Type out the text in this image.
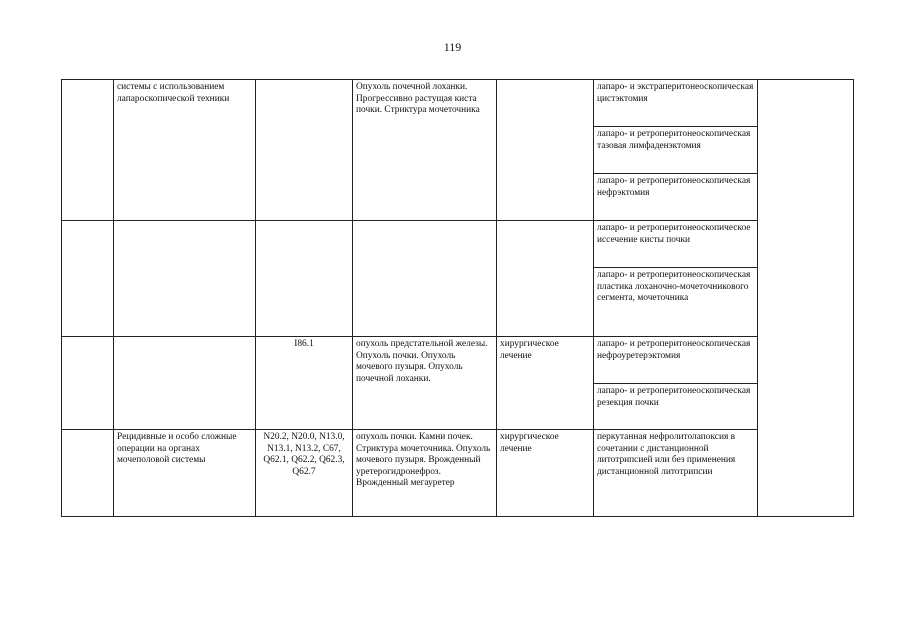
119
	системы с использованием лапароскопической техники		Опухоль почечной лоханки. Прогрессивно растущая киста почки. Стриктура мочеточника		лапаро- и экстраперитонеоскопическая цистэктомия	
					лапаро- и ретроперитонеоскопическая тазовая лимфаденэктомия	
					лапаро- и ретроперитонеоскопическая нефрэктомия	
					лапаро- и ретроперитонеоскопическое иссечение кисты почки	
					лапаро- и ретроперитонеоскопическая пластика лоханочно-мочеточникового сегмента, мочеточника	
		I86.1	опухоль предстательной железы. Опухоль почки. Опухоль мочевого пузыря. Опухоль почечной лоханки.	хирургическое лечение	лапаро- и ретроперитонеоскопическая нефроуретерэктомия	
					лапаро- и ретроперитонеоскопическая резекция почки	
	Рецидивные и особо сложные операции на органах мочеполовой системы	N20.2, N20.0, N13.0, N13.1, N13.2, C67, Q62.1, Q62.2, Q62.3, Q62.7	опухоль почки. Камни почек. Стриктура мочеточника. Опухоль мочевого пузыря. Врожденный уретерогидронефроз. Врожденный мегауретер	хирургическое лечение	перкутанная нефролитолапоксия в сочетании с дистанционной литотрипсией или без применения дистанционной литотрипсии	
